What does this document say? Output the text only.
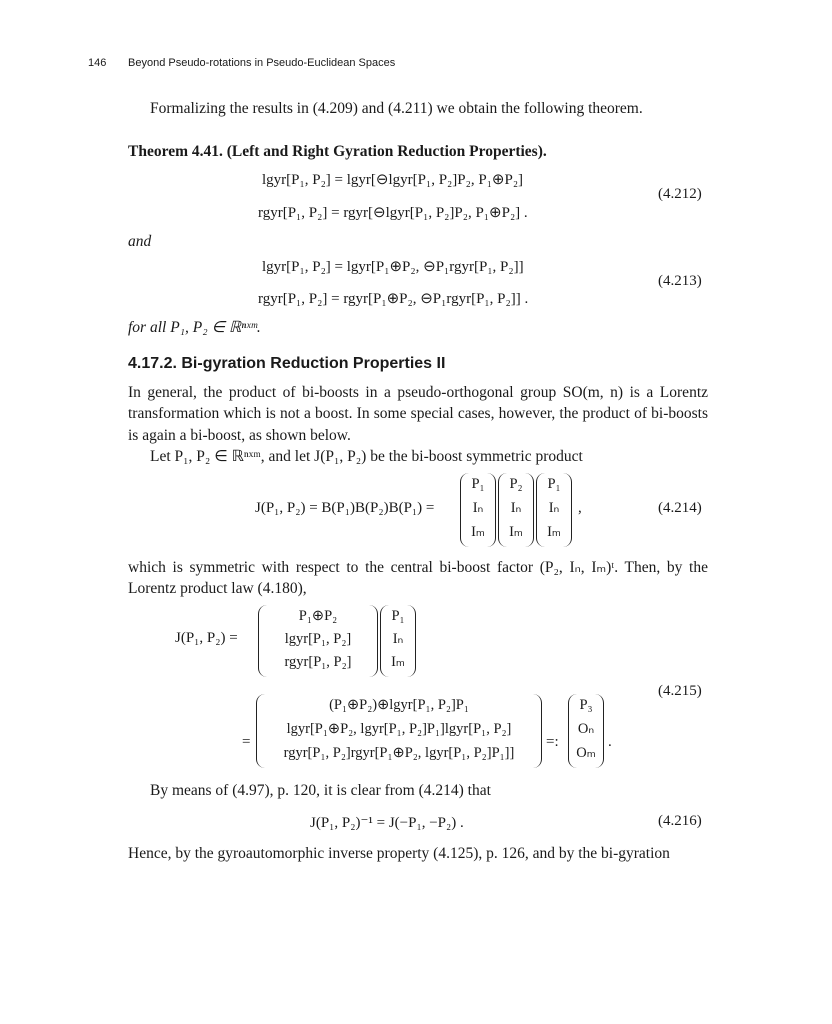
146 Beyond Pseudo-rotations in Pseudo-Euclidean Spaces
Formalizing the results in (4.209) and (4.211) we obtain the following theorem.
Theorem 4.41. (Left and Right Gyration Reduction Properties).
lgyr[P₁, P₂] = lgyr[⊖lgyr[P₁, P₂]P₂, P₁⊕P₂]
rgyr[P₁, P₂] = rgyr[⊖lgyr[P₁, P₂]P₂, P₁⊕P₂] .
(4.212)
and
lgyr[P₁, P₂] = lgyr[P₁⊕P₂, ⊖P₁rgyr[P₁, P₂]]
rgyr[P₁, P₂] = rgyr[P₁⊕P₂, ⊖P₁rgyr[P₁, P₂]] .
(4.213)
for all P₁, P₂ ∈ ℝⁿˣᵐ.
4.17.2. Bi-gyration Reduction Properties II
In general, the product of bi-boosts in a pseudo-orthogonal group SO(m, n) is a Lorentz transformation which is not a boost. In some special cases, however, the product of bi-boosts is again a bi-boost, as shown below.
Let P₁, P₂ ∈ ℝⁿˣᵐ, and let J(P₁, P₂) be the bi-boost symmetric product
J(P₁, P₂) = B(P₁)B(P₂)B(P₁) =
P₁
Iₙ
Iₘ
P₂
Iₙ
Iₘ
P₁
Iₙ
Iₘ
,	(4.214)
which is symmetric with respect to the central bi-boost factor (P₂, Iₙ, Iₘ)ᵗ. Then, by the Lorentz product law (4.180),
J(P₁, P₂) =
P₁⊕P₂
lgyr[P₁, P₂]
rgyr[P₁, P₂]
P₁
Iₙ
Iₘ
(4.215)
=
(P₁⊕P₂)⊕lgyr[P₁, P₂]P₁
lgyr[P₁⊕P₂, lgyr[P₁, P₂]P₁]lgyr[P₁, P₂]
rgyr[P₁, P₂]rgyr[P₁⊕P₂, lgyr[P₁, P₂]P₁]]
=:
P₃
Oₙ
Oₘ
.
By means of (4.97), p. 120, it is clear from (4.214) that
J(P₁, P₂)⁻¹ = J(−P₁, −P₂) .	(4.216)
Hence, by the gyroautomorphic inverse property (4.125), p. 126, and by the bi-gyration
